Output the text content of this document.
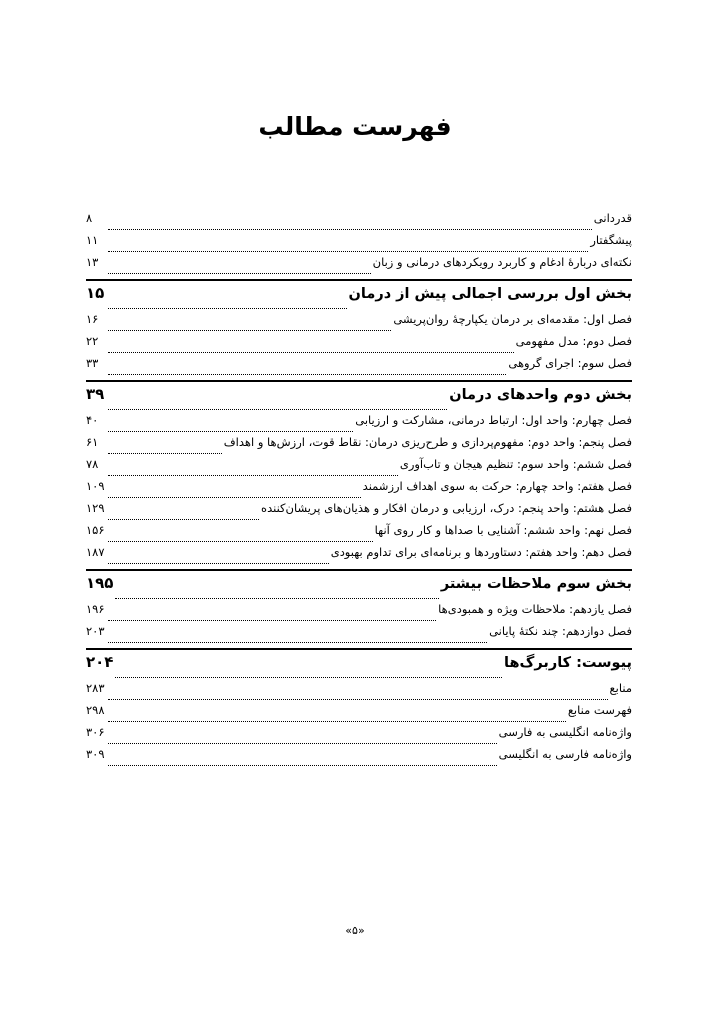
فهرست مطالب
قدردانی
۸
پیشگفتار
۱۱
نکته‌ای دربارهٔ ادغام و کاربرد رویکردهای درمانی و زبان
۱۳
بخش اول بررسی اجمالی پیش از درمان
۱۵
فصل اول: مقدمه‌ای بر درمان یکپارچهٔ روان‌پریشی
۱۶
فصل دوم: مدل مفهومی
۲۲
فصل سوم: اجرای گروهی
۳۳
بخش دوم واحدهای درمان
۳۹
فصل چهارم: واحد اول: ارتباط درمانی، مشارکت و ارزیابی
۴۰
فصل پنجم: واحد دوم: مفهوم‌پردازی و طرح‌ریزی درمان: نقاط قوت، ارزش‌ها و اهداف
۶۱
فصل ششم: واحد سوم: تنظیم هیجان و تاب‌آوری
۷۸
فصل هفتم: واحد چهارم: حرکت به سوی اهداف ارزشمند
۱۰۹
فصل هشتم: واحد پنجم: درک، ارزیابی و درمان افکار و هذیان‌های پریشان‌کننده
۱۲۹
فصل نهم: واحد ششم: آشنایی با صداها و کار روی آنها
۱۵۶
فصل دهم: واحد هفتم: دستاوردها و برنامه‌ای برای تداوم بهبودی
۱۸۷
بخش سوم ملاحظات بیشتر
۱۹۵
فصل یازدهم: ملاحظات ویژه و همبودی‌ها
۱۹۶
فصل دوازدهم: چند نکتهٔ پایانی
۲۰۳
پیوست: کاربرگ‌ها
۲۰۴
منابع
۲۸۳
فهرست منابع
۲۹۸
واژه‌نامه انگلیسی به فارسی
۳۰۶
واژه‌نامه فارسی به انگلیسی
۳۰۹
«۵»
